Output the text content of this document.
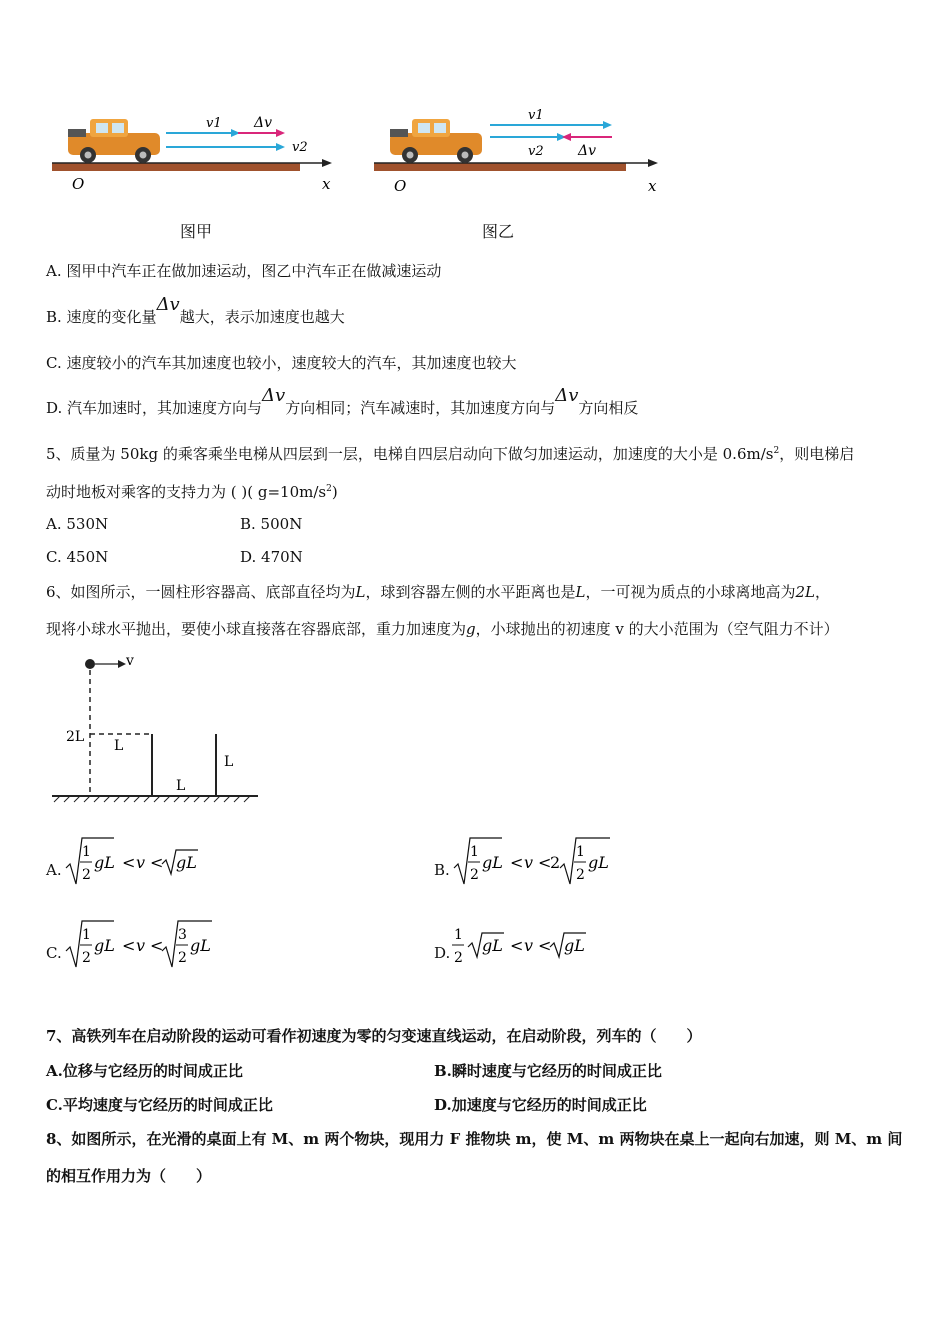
v1 Δv
v2
O	x
v1
v2 Δv
O	x
图甲	图乙
A. 图甲中汽车正在做加速运动，图乙中汽车正在做减速运动
B. 速度的变化量Δv越大，表示加速度也越大
C. 速度较小的汽车其加速度也较小，速度较大的汽车，其加速度也较大
D. 汽车加速时，其加速度方向与Δv方向相同；汽车减速时，其加速度方向与Δv方向相反
5、质量为 50kg 的乘客乘坐电梯从四层到一层，电梯自四层启动向下做匀加速运动，加速度的大小是 $0.6m/s^2$，则电梯启
动时地板对乘客的支持力为 ( )( $g=10m/s^2$)
A. 530N	B. 500N
C. 450N	D. 470N
6、如图所示，一圆柱形容器高、底部直径均为L，球到容器左侧的水平距离也是L，一可视为质点的小球离地高为2L，
现将小球水平抛出，要使小球直接落在容器底部，重力加速度为g，小球抛出的初速度 v 的大小范围为（空气阻力不计）
v
2L
L
L
L
A.
1
2
gL < v < gL	B.
1
2
gL < v <
2
1
2
gL
C.
1
2
gL < v <
3
2
gL	D.
1
2
gL < v < gL
7、高铁列车在启动阶段的运动可看作初速度为零的匀变速直线运动，在启动阶段，列车的（　　）
A.位移与它经历的时间成正比	B.瞬时速度与它经历的时间成正比
C.平均速度与它经历的时间成正比	D.加速度与它经历的时间成正比
8、如图所示，在光滑的桌面上有 M、m 两个物块，现用力 F 推物块 m，使 M、m 两物块在桌上一起向右加速，则 M、m 间
的相互作用力为（　　）
